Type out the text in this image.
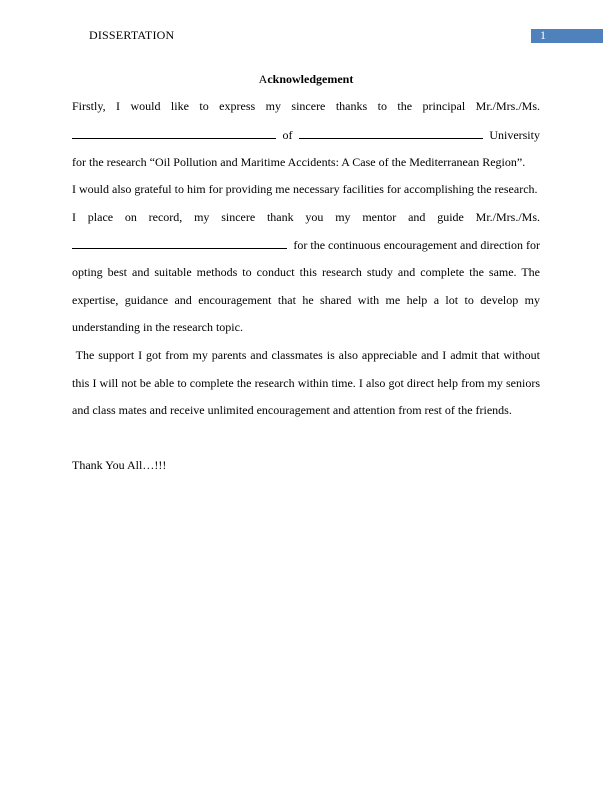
DISSERTATION	1
Acknowledgement
Firstly, I would like to express my sincere thanks to the principal Mr./Mrs./Ms.
of	University
for the research “Oil Pollution and Maritime Accidents: A Case of the Mediterranean Region”.
I would also grateful to him for providing me necessary facilities for accomplishing the research.
I place on record, my sincere thank you my mentor and guide Mr./Mrs./Ms.
for the continuous encouragement and direction for
opting best and suitable methods to conduct this research study and complete the same. The
expertise, guidance and encouragement that he shared with me help a lot to develop my
understanding in the research topic.
The support I got from my parents and classmates is also appreciable and I admit that without
this I will not be able to complete the research within time. I also got direct help from my seniors
and class mates and receive unlimited encouragement and attention from rest of the friends.
Thank You All…!!!
